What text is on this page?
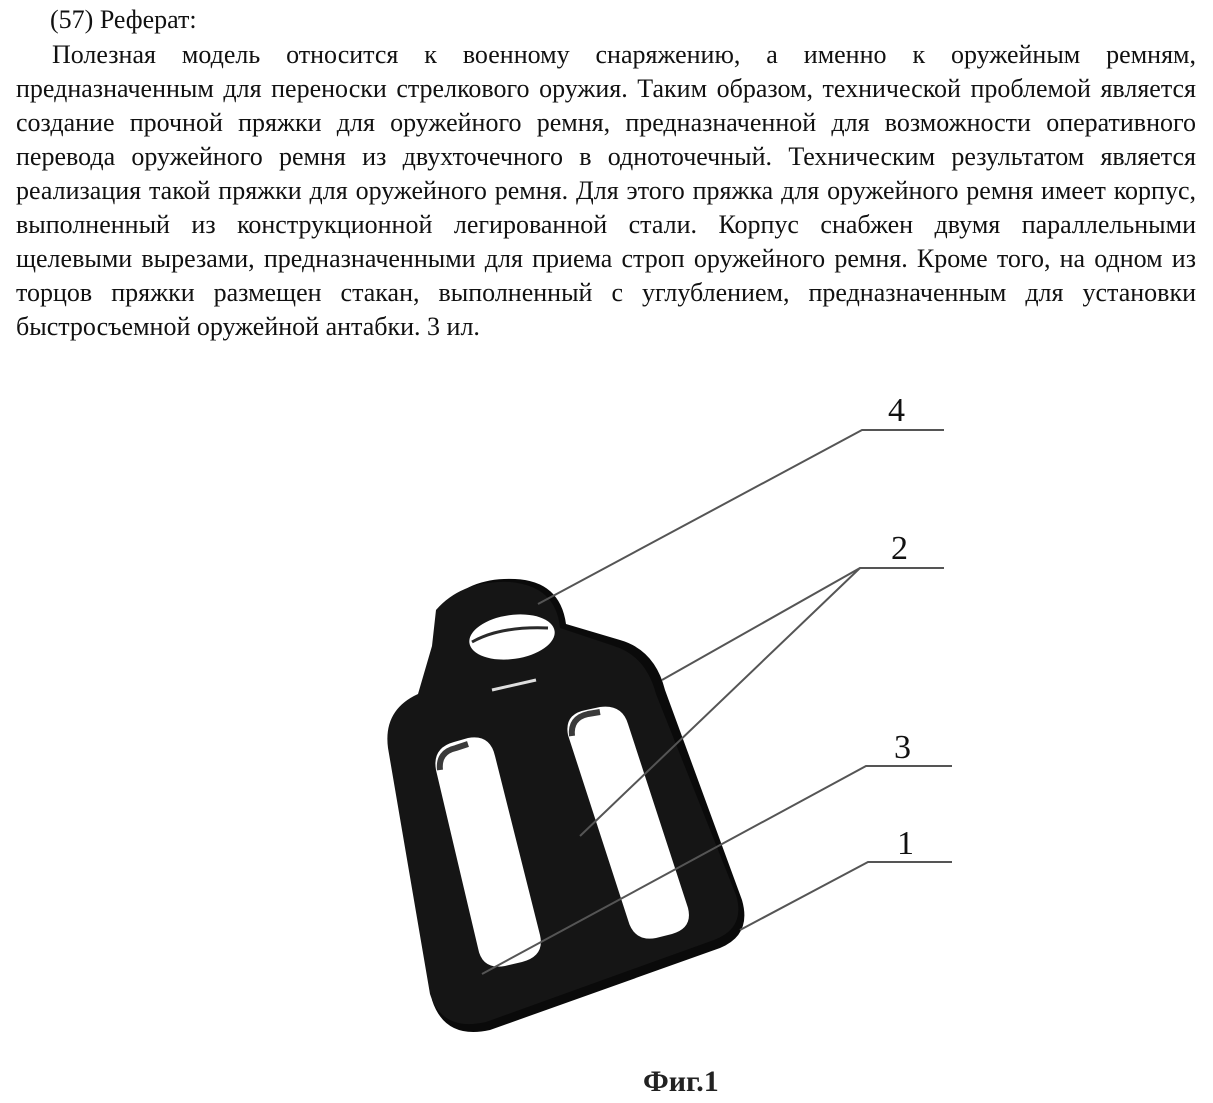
(57) Реферат:

Полезная модель относится к военному снаряжению, а именно к оружейным ремням, предназначенным для переноски стрелкового оружия. Таким образом, технической проблемой является создание прочной пряжки для оружейного ремня, предназначенной для возможности оперативного перевода оружейного ремня из двухточечного в одноточечный. Техническим результатом является реализация такой пряжки для оружейного ремня. Для этого пряжка для оружейного ремня имеет корпус, выполненный из конструкционной легированной стали. Корпус снабжен двумя параллельными щелевыми вырезами, предназначенными для приема строп оружейного ремня. Кроме того, на одном из торцов пряжки размещен стакан, выполненный с углублением, предназначенным для установки быстросъемной оружейной антабки. 3 ил.

4
2
3
1
Фиг.1
